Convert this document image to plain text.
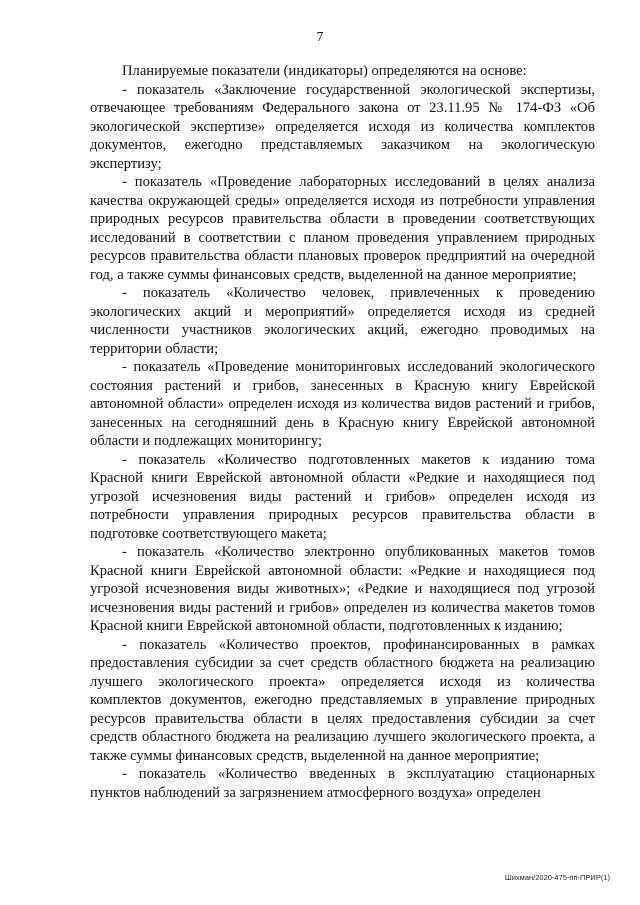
7

Планируемые показатели (индикаторы) определяются на основе:

- показатель «Заключение государственной экологической экспертизы, отвечающее требованиям Федерального закона от 23.11.95 № 174-ФЗ «Об экологической экспертизе» определяется исходя из количества комплектов документов, ежегодно представляемых заказчиком на экологическую экспертизу;

- показатель «Проведение лабораторных исследований в целях анализа качества окружающей среды» определяется исходя из потребности управления природных ресурсов правительства области в проведении соответствующих исследований в соответствии с планом проведения управлением природных ресурсов правительства области плановых проверок предприятий на очередной год, а также суммы финансовых средств, выделенной на данное мероприятие;

- показатель «Количество человек, привлеченных к проведению экологических акций и мероприятий» определяется исходя из средней численности участников экологических акций, ежегодно проводимых на территории области;

- показатель «Проведение мониторинговых исследований экологического состояния растений и грибов, занесенных в Красную книгу Еврейской автономной области» определен исходя из количества видов растений и грибов, занесенных на сегодняшний день в Красную книгу Еврейской автономной области и подлежащих мониторингу;

- показатель «Количество подготовленных макетов к изданию тома Красной книги Еврейской автономной области «Редкие и находящиеся под угрозой исчезновения виды растений и грибов» определен исходя из потребности управления природных ресурсов правительства области в подготовке соответствующего макета;

- показатель «Количество электронно опубликованных макетов томов Красной книги Еврейской автономной области: «Редкие и находящиеся под угрозой исчезновения виды животных»; «Редкие и находящиеся под угрозой исчезновения виды растений и грибов» определен из количества макетов томов Красной книги Еврейской автономной области, подготовленных к изданию;

- показатель «Количество проектов, профинансированных в рамках предоставления субсидии за счет средств областного бюджета на реализацию лучшего экологического проекта» определяется исходя из количества комплектов документов, ежегодно представляемых в управление природных ресурсов правительства области в целях предоставления субсидии за счет средств областного бюджета на реализацию лучшего экологического проекта, а также суммы финансовых средств, выделенной на данное мероприятие;

- показатель «Количество введенных в эксплуатацию стационарных пунктов наблюдений за загрязнением атмосферного воздуха» определен

Шихман/2020-475-пп-ПРИР(1)
